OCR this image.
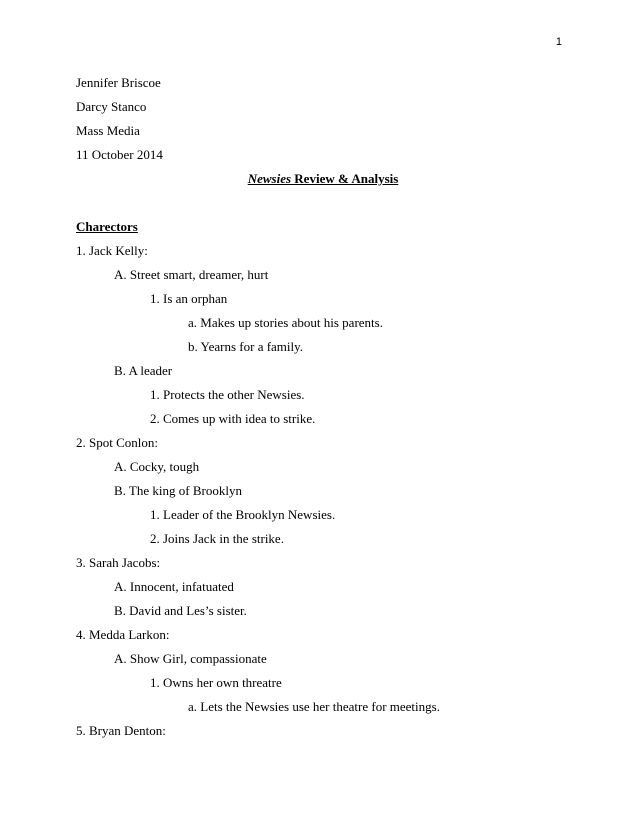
1
Jennifer Briscoe
Darcy Stanco
Mass Media
11 October 2014
Newsies Review & Analysis
Charectors
1. Jack Kelly:
A. Street smart, dreamer, hurt
1. Is an orphan
a. Makes up stories about his parents.
b. Yearns for a family.
B. A leader
1. Protects the other Newsies.
2. Comes up with idea to strike.
2. Spot Conlon:
A. Cocky, tough
B. The king of Brooklyn
1. Leader of the Brooklyn Newsies.
2. Joins Jack in the strike.
3. Sarah Jacobs:
A. Innocent, infatuated
B. David and Les’s sister.
4. Medda Larkon:
A. Show Girl, compassionate
1. Owns her own threatre
a. Lets the Newsies use her theatre for meetings.
5. Bryan Denton:
